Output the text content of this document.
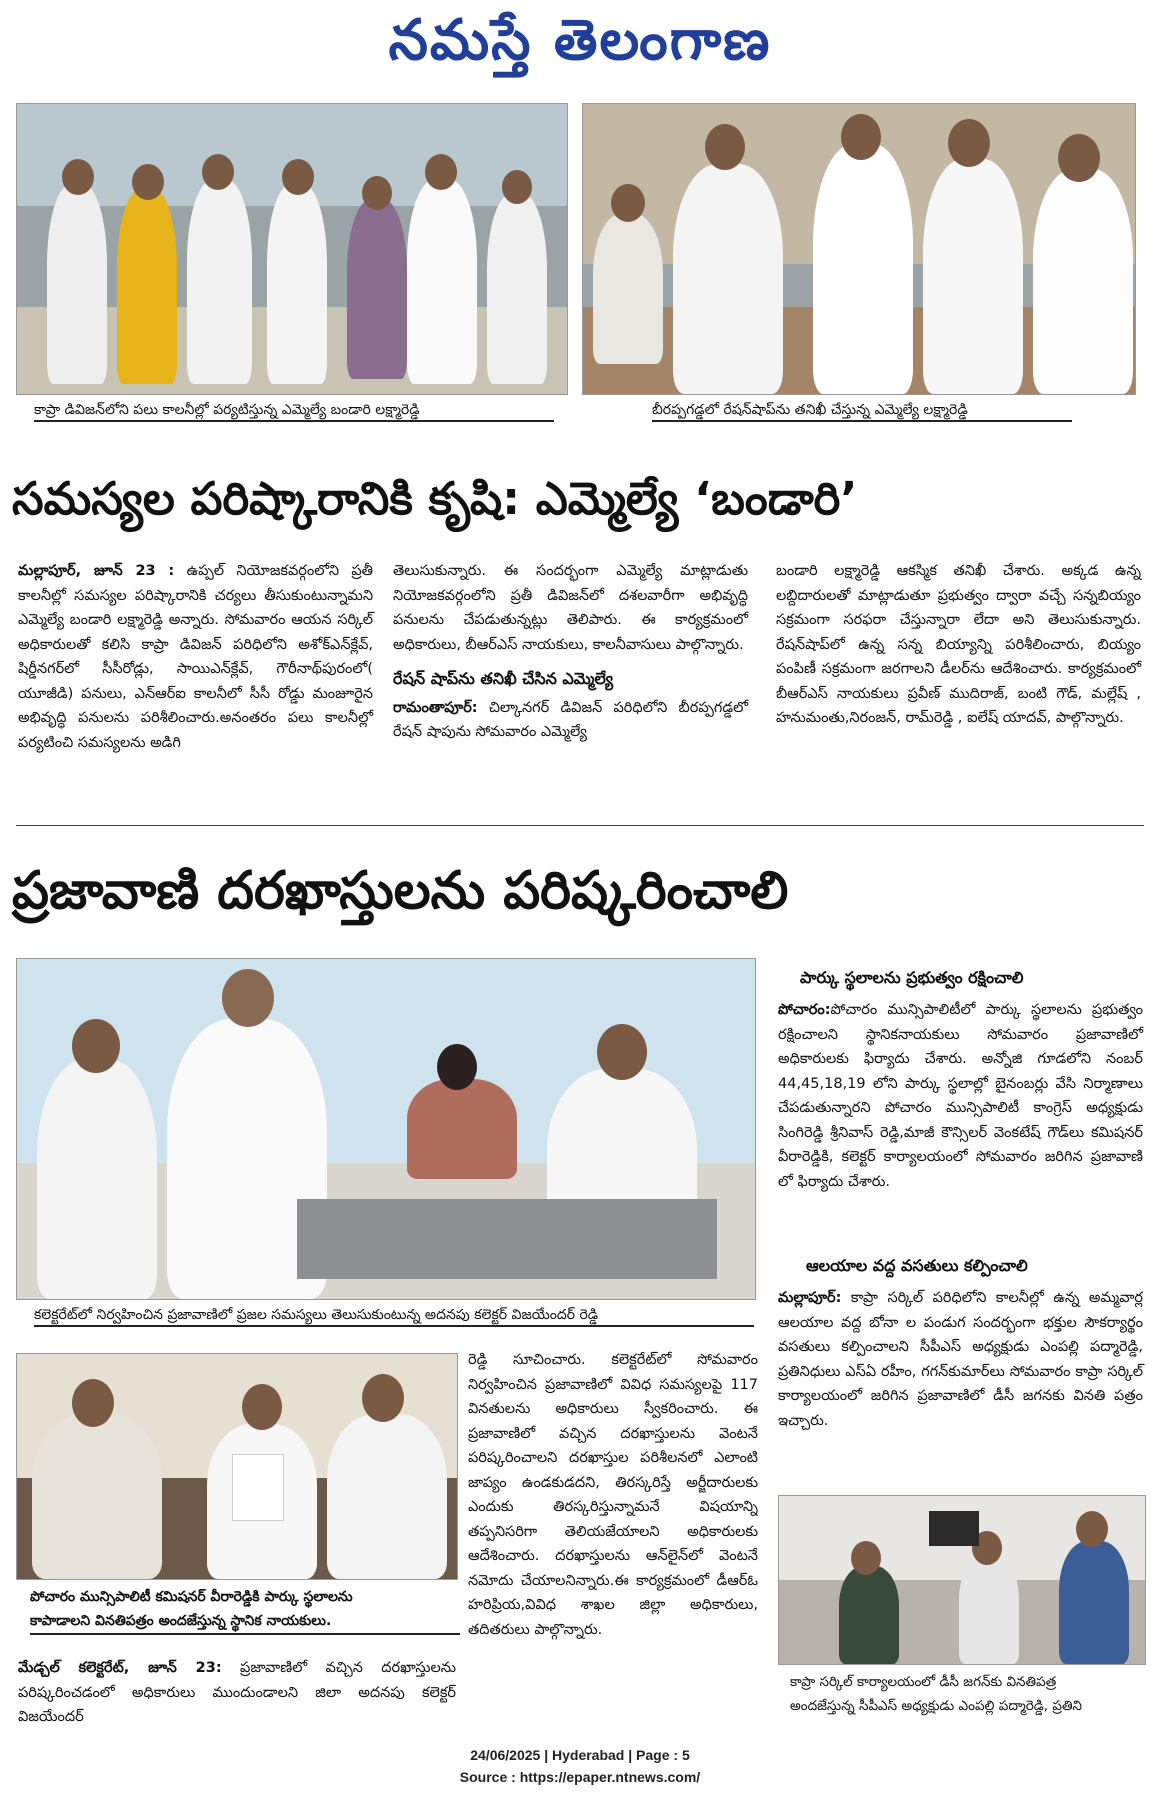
నమస్తే తెలంగాణ
కాప్రా డివిజన్‌లోని పలు కాలనీల్లో పర్యటిస్తున్న ఎమ్మెల్యే బండారి లక్ష్మారెడ్డి	బీరప్పగడ్డలో రేషన్‌షాప్‌ను తనిఖీ చేస్తున్న ఎమ్మెల్యే లక్ష్మారెడ్డి
సమస్యల పరిష్కారానికి కృషి: ఎమ్మెల్యే ‘బండారి’
మల్లాపూర్, జూన్ 23 : ఉప్పల్ నియోజకవర్గంలోని ప్రతీ కాలనీల్లో సమస్యల పరిష్కారానికి చర్యలు తీసుకుంటున్నామని ఎమ్మెల్యే బండారి లక్ష్మారెడ్డి అన్నారు. సోమవారం ఆయన సర్కిల్ అధికారులతో కలిసి కాప్రా డివిజన్ పరిధిలోని అశోక్ఎన్‌క్లేవ్, షిర్డీనగర్‌లో సీసీరోడ్లు, సాయిఎన్‌క్లేవ్, గౌరీనాథ్‌పురంలో( యూజీడి) పనులు, ఎన్ఆర్ఐ కాలనీలో సీసీ రోడ్డు మంజూరైన అభివృద్ధి పనులను పరిశీలించారు.అనంతరం పలు కాలనీల్లో పర్యటించి సమస్యలను అడిగి
తెలుసుకున్నారు. ఈ సందర్భంగా ఎమ్మెల్యే మాట్లాడుతు నియోజకవర్గంలోని ప్రతీ డివిజన్‌లో దశలవారీగా అభివృద్ధి పనులను చేపడుతున్నట్లు తెలిపారు. ఈ కార్యక్రమంలో అధికారులు, బీఆర్ఎస్ నాయకులు, కాలనీవాసులు పాల్గొన్నారు.
రేషన్ షాప్‌ను తనిఖీ చేసిన ఎమ్మెల్యే
రామంతాపూర్: చిల్కానగర్ డివిజన్ పరిధిలోని బీరప్పగడ్డలో రేషన్ షాపును సోమవారం ఎమ్మెల్యే
బండారి లక్ష్మారెడ్డి ఆకస్మిక తనిఖీ చేశారు. అక్కడ ఉన్న లబ్దిదారులతో మాట్లాడుతూ ప్రభుత్వం ద్వారా వచ్చే సన్నబియ్యం సక్రమంగా సరఫరా చేస్తున్నారా లేదా అని తెలుసుకున్నారు. రేషన్‌షాప్‌లో ఉన్న సన్న బియ్యాన్ని పరిశీలించారు, బియ్యం పంపిణీ సక్రమంగా జరగాలని డీలర్‌ను ఆదేశించారు. కార్యక్రమంలో బీఆర్ఎస్ నాయకులు ప్రవీణ్ ముదిరాజ్, బంటి గౌడ్, మల్లేష్ , హనుమంతు,నిరంజన్, రామ్‌రెడ్డి , ఐలేష్ యాదవ్, పాల్గొన్నారు.
ప్రజావాణి దరఖాస్తులను పరిష్కరించాలి
కలెక్టరేట్‌లో నిర్వహించిన ప్రజావాణిలో ప్రజల సమస్యలు తెలుసుకుంటున్న అదనపు కలెక్టర్ విజయేందర్ రెడ్డి
పోచారం మున్సిపాలిటీ కమిషనర్ వీరారెడ్డికి పార్కు స్థలాలను
కాపాడాలని వినతిపత్రం అందజేస్తున్న స్థానిక నాయకులు.
మేడ్చల్ కలెక్టరేట్, జూన్ 23: ప్రజావాణిలో వచ్చిన దరఖాస్తులను పరిష్కరించడంలో అధికారులు ముందుండాలని జిలా అదనపు కలెక్టర్ విజయేందర్
రెడ్డి సూచించారు. కలెక్టరేట్‌లో సోమవారం నిర్వహించిన ప్రజావాణిలో వివిధ సమస్యలపై 117 వినతులను అధికారులు స్వీకరించారు. ఈ ప్రజావాణిలో వచ్చిన దరఖాస్తులను వెంటనే పరిష్కరించాలని దరఖాస్తుల పరిశీలనలో ఎలాంటి జాప్యం ఉండకుడదని, తిరస్కరిస్తే అర్జీదారులకు ఎందుకు తిరస్కరిస్తున్నామనే విషయాన్ని తప్పనిసరిగా తెలియజేయాలని అధికారులకు ఆదేశించారు. దరఖాస్తులను ఆన్‌లైన్‌లో వెంటనే నమోదు చేయాలనిన్నారు.ఈ కార్యక్రమంలో డీఆర్ఓ హరిప్రియ,వివిధ శాఖల జిల్లా అధికారులు, తదితరులు పాల్గొన్నారు.
పార్కు స్థలాలను ప్రభుత్వం రక్షించాలి
పోచారం:పోచారం మున్సిపాలిటీలో పార్కు స్థలాలను ప్రభుత్వం రక్షించాలని స్థానికనాయకులు సోమవారం ప్రజావాణిలో అధికారులకు ఫిర్యాదు చేశారు. అన్నోజి గూడలోని నంబర్ 44,45,18,19 లోని పార్కు స్థలాల్లో బైనంబర్లు వేసి నిర్మాణాలు చేపడుతున్నారని పోచారం మున్సిపాలిటీ కాంగ్రెస్ అధ్యక్షుడు సింగిరెడ్డి శ్రీనివాస్ రెడ్డి,మాజీ కౌన్సిలర్ వెంకటేష్ గౌడ్‌లు కమిషనర్ వీరారెడ్డికి, కలెక్టర్ కార్యాలయంలో సోమవారం జరిగిన ప్రజావాణి లో ఫిర్యాదు చేశారు.
ఆలయాల వద్ద వసతులు కల్పించాలి
మల్లాపూర్: కాప్రా సర్కిల్ పరిధిలోని కాలనీల్లో ఉన్న అమ్మవార్ల ఆలయాల వద్ద బోనా ల పండుగ సందర్భంగా భక్తుల సౌకర్యార్థం వసతులు కల్పించాలని సీపీఎస్ అధ్యక్షుడు ఎంపల్లి పద్మారెడ్డి, ప్రతినిధులు ఎస్ఏ రహీం, గగన్‌కుమార్‌లు సోమవారం కాప్రా సర్కిల్ కార్యాలయంలో జరిగిన ప్రజావాణిలో డీసీ జగనకు వినతి పత్రం ఇచ్చారు.
కాప్రా సర్కిల్ కార్యాలయంలో డీసీ జగన్‌కు వినతిపత్ర
అందజేస్తున్న సీపీఎస్ అధ్యక్షుడు ఎంపల్లి పద్మారెడ్డి, ప్రతిని
24/06/2025 | Hyderabad | Page : 5
Source : https://epaper.ntnews.com/
